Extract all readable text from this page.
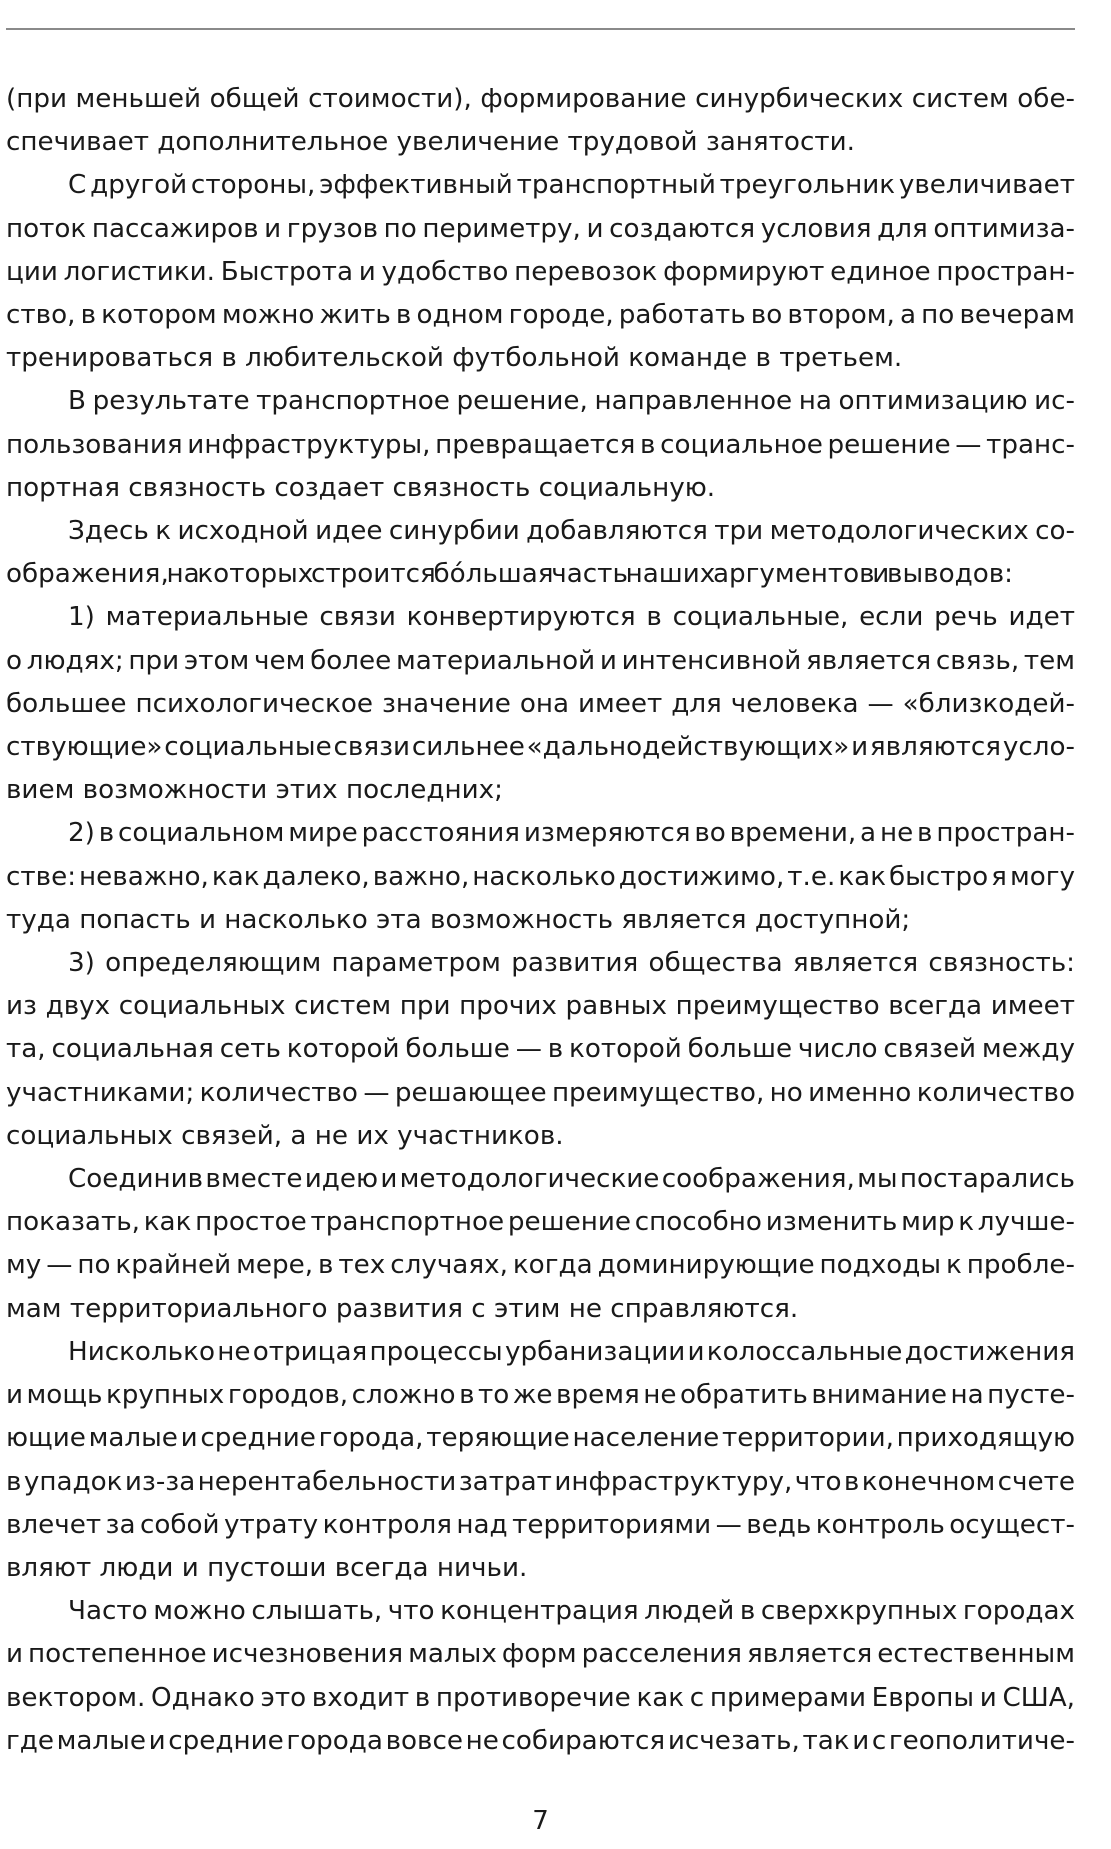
(при меньшей общей стоимости), формирование синурбических систем обе-
спечивает дополнительное увеличение трудовой занятости.

С другой стороны, эффективный транспортный треугольник увеличивает
поток пассажиров и грузов по периметру, и создаются условия для оптимиза-
ции логистики. Быстрота и удобство перевозок формируют единое простран-
ство, в котором можно жить в одном городе, работать во втором, а по вечерам
тренироваться в любительской футбольной команде в третьем.

В результате транспортное решение, направленное на оптимизацию ис-
пользования инфраструктуры, превращается в социальное решение — транс-
портная связность создает связность социальную.

Здесь к исходной идее синурбии добавляются три методологических со-
ображения, на которых строится бóльшая часть наших аргументов и выводов:

1) материальные связи конвертируются в социальные, если речь идет
о людях; при этом чем более материальной и интенсивной является связь, тем
большее психологическое значение она имеет для человека — «близкодей-
ствующие» социальные связи сильнее «дальнодействующих» и являются усло-
вием возможности этих последних;

2) в социальном мире расстояния измеряются во времени, а не в простран-
стве: неважно, как далеко, важно, насколько достижимо, т.е. как быстро я могу
туда попасть и насколько эта возможность является доступной;

3) определяющим параметром развития общества является связность:
из двух социальных систем при прочих равных преимущество всегда имеет
та, социальная сеть которой больше — в которой больше число связей между
участниками; количество — решающее преимущество, но именно количество
социальных связей, а не их участников.

Соединив вместе идею и методологические соображения, мы постарались
показать, как простое транспортное решение способно изменить мир к лучше-
му — по крайней мере, в тех случаях, когда доминирующие подходы к пробле-
мам территориального развития с этим не справляются.

Нисколько не отрицая процессы урбанизации и колоссальные достижения
и мощь крупных городов, сложно в то же время не обратить внимание на пусте-
ющие малые и средние города, теряющие население территории, приходящую
в упадок из-за нерентабельности затрат инфраструктуру, что в конечном счете
влечет за собой утрату контроля над территориями — ведь контроль осущест-
вляют люди и пустоши всегда ничьи.

Часто можно слышать, что концентрация людей в сверхкрупных городах
и постепенное исчезновения малых форм расселения является естественным
вектором. Однако это входит в противоречие как с примерами Европы и США,
где малые и средние города вовсе не собираются исчезать, так и с геополитиче-

7
